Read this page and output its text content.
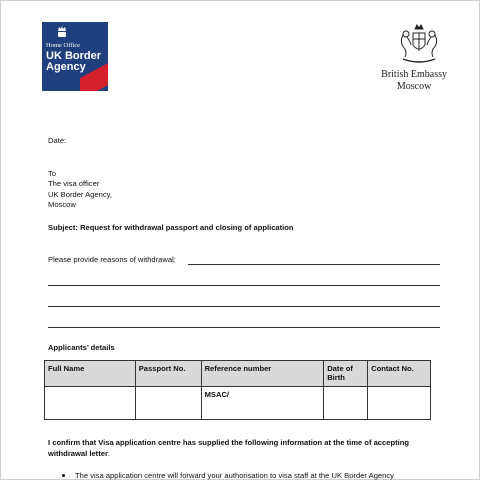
Home Office
UK Border
Agency
British Embassy
Moscow
Date:
To
The visa officer
UK Border Agency,
Moscow
Subject: Request for withdrawal passport and closing of application
Please provide reasons of withdrawal:
Applicants’ details
Full Name	Passport No.	Reference number	Date of Birth	Contact No.
		MSAC/		
I confirm that Visa application centre has supplied the following information at the time of accepting
withdrawal letter.
The visa application centre will forward your authorisation to visa staff at the UK Border Agency
